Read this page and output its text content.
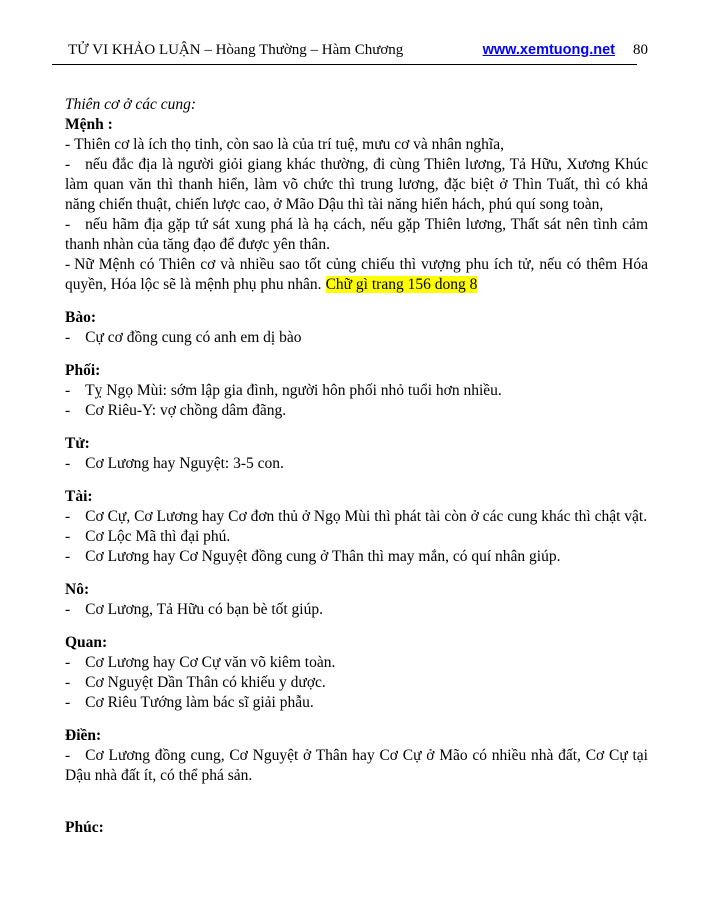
TỬ VI KHẢO LUẬN – Hòang Thường – Hàm Chương	www.xemtuong.net 80
Thiên cơ ở các cung:
Mệnh :

- Thiên cơ là ích thọ tinh, còn sao là của trí tuệ, mưu cơ và nhân nghĩa,

- nếu đắc địa là người giỏi giang khác thường, đi cùng Thiên lương, Tả Hữu, Xương Khúc làm quan văn thì thanh hiển, làm võ chức thì trung lương, đặc biệt ở Thìn Tuất, thì có khả năng chiến thuật, chiến lược cao, ở Mão Dậu thì tài năng hiển hách, phú quí song toàn,

- nếu hãm địa gặp tứ sát xung phá là hạ cách, nếu gặp Thiên lương, Thất sát nên tình cảm thanh nhàn của tăng đạo để được yên thân.

- Nữ Mệnh có Thiên cơ và nhiều sao tốt củng chiếu thì vượng phu ích tử, nếu có thêm Hóa quyền, Hóa lộc sẽ là mệnh phụ phu nhân. Chữ gì trang 156 dong 8

Bào:

- Cự cơ đồng cung có anh em dị bào

Phối:

- Tỵ Ngọ Mùi: sớm lập gia đình, người hôn phối nhỏ tuổi hơn nhiều.

- Cơ Riêu-Y: vợ chồng dâm đãng.

Tử:

- Cơ Lương hay Nguyệt: 3-5 con.

Tài:

- Cơ Cự, Cơ Lương hay Cơ đơn thủ ở Ngọ Mùi thì phát tài còn ở các cung khác thì chật vật.

- Cơ Lộc Mã thì đại phú.

- Cơ Lương hay Cơ Nguyệt đồng cung ở Thân thì may mắn, có quí nhân giúp.

Nô:

- Cơ Lương, Tả Hữu có bạn bè tốt giúp.

Quan:

- Cơ Lương hay Cơ Cự văn võ kiêm toàn.

- Cơ Nguyệt Dần Thân có khiếu y dược.

- Cơ Riêu Tướng làm bác sĩ giải phẫu.

Điền:

- Cơ Lương đồng cung, Cơ Nguyệt ở Thân hay Cơ Cự ở Mão có nhiều nhà đất, Cơ Cự tại Dậu nhà đất ít, có thể phá sản.

Phúc:
